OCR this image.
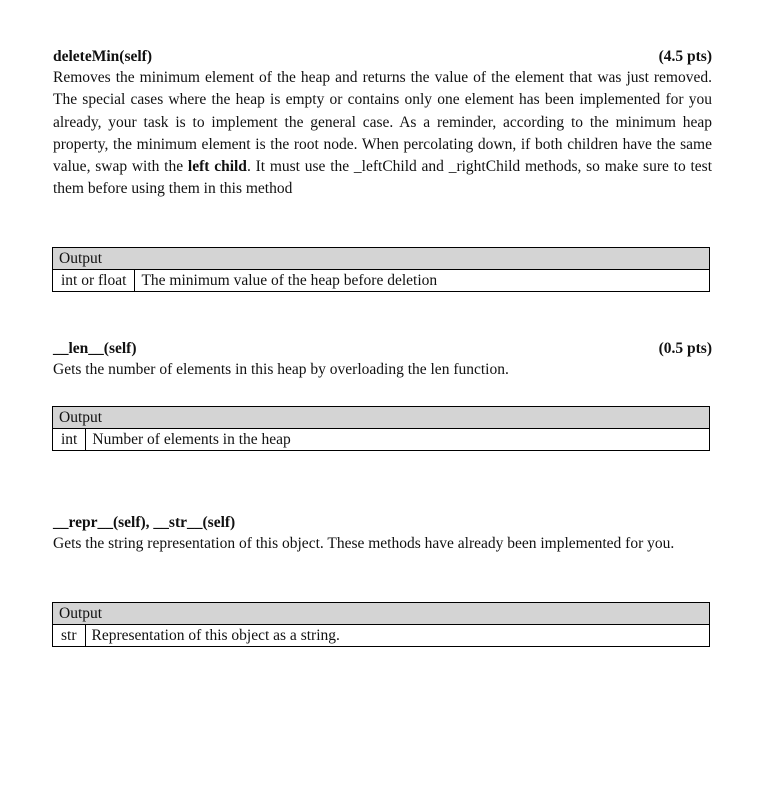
deleteMin(self)	(4.5 pts)

Removes the minimum element of the heap and returns the value of the element that was just removed. The special cases where the heap is empty or contains only one element has been implemented for you already, your task is to implement the general case. As a reminder, according to the minimum heap property, the minimum element is the root node. When percolating down, if both children have the same value, swap with the left child. It must use the _leftChild and _rightChild methods, so make sure to test them before using them in this method

Output
int or float	The minimum value of the heap before deletion
__len__(self)	(0.5 pts)

Gets the number of elements in this heap by overloading the len function.

Output
int	Number of elements in the heap
__repr__(self), __str__(self)

Gets the string representation of this object. These methods have already been implemented for you.

Output
str	Representation of this object as a string.
